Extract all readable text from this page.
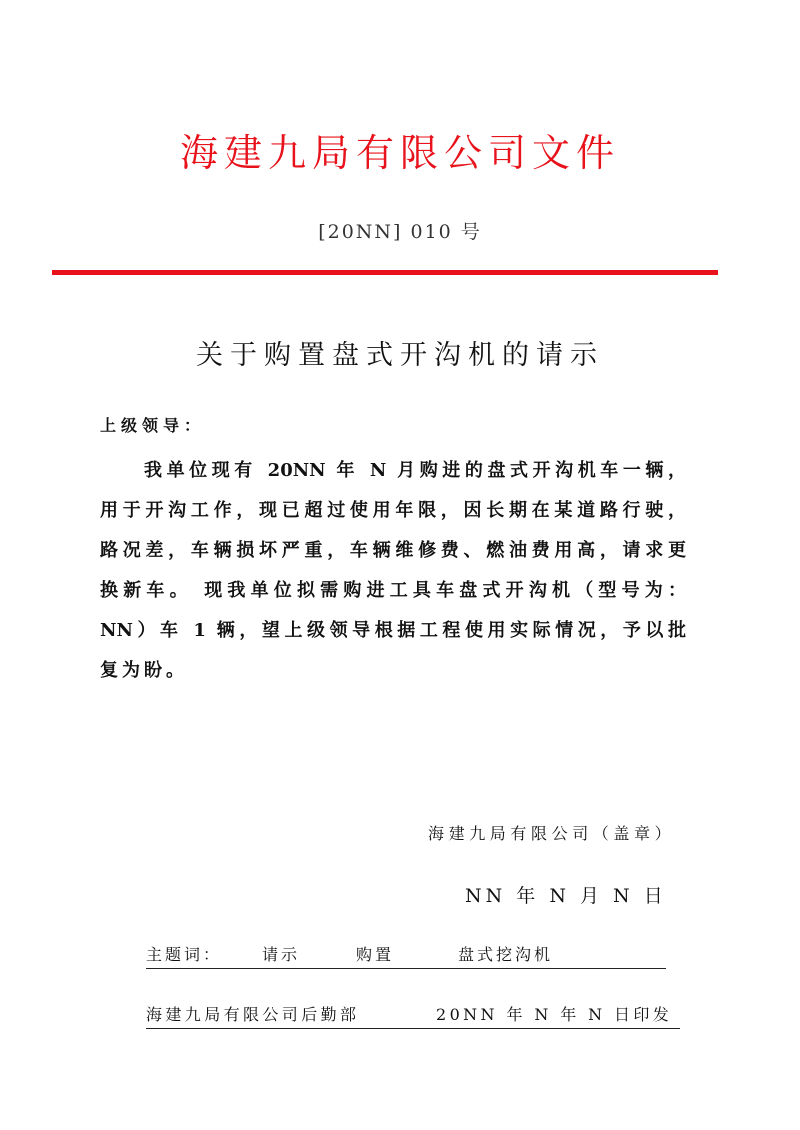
海建九局有限公司文件
[20NN] 010 号
关于购置盘式开沟机的请示
上级领导：
我单位现有 20NN 年 N 月购进的盘式开沟机车一辆，
用于开沟工作，现已超过使用年限，因长期在某道路行驶，
路况差，车辆损坏严重，车辆维修费、燃油费用高，请求更
换新车。 现我单位拟需购进工具车盘式开沟机（型号为：
NN）车 1 辆，望上级领导根据工程使用实际情况，予以批
复为盼。
海建九局有限公司（盖章）
NN 年 N 月 N 日
主题词： 请示	购置	盘式挖沟机
海建九局有限公司后勤部	20NN 年 N 年 N 日印发
